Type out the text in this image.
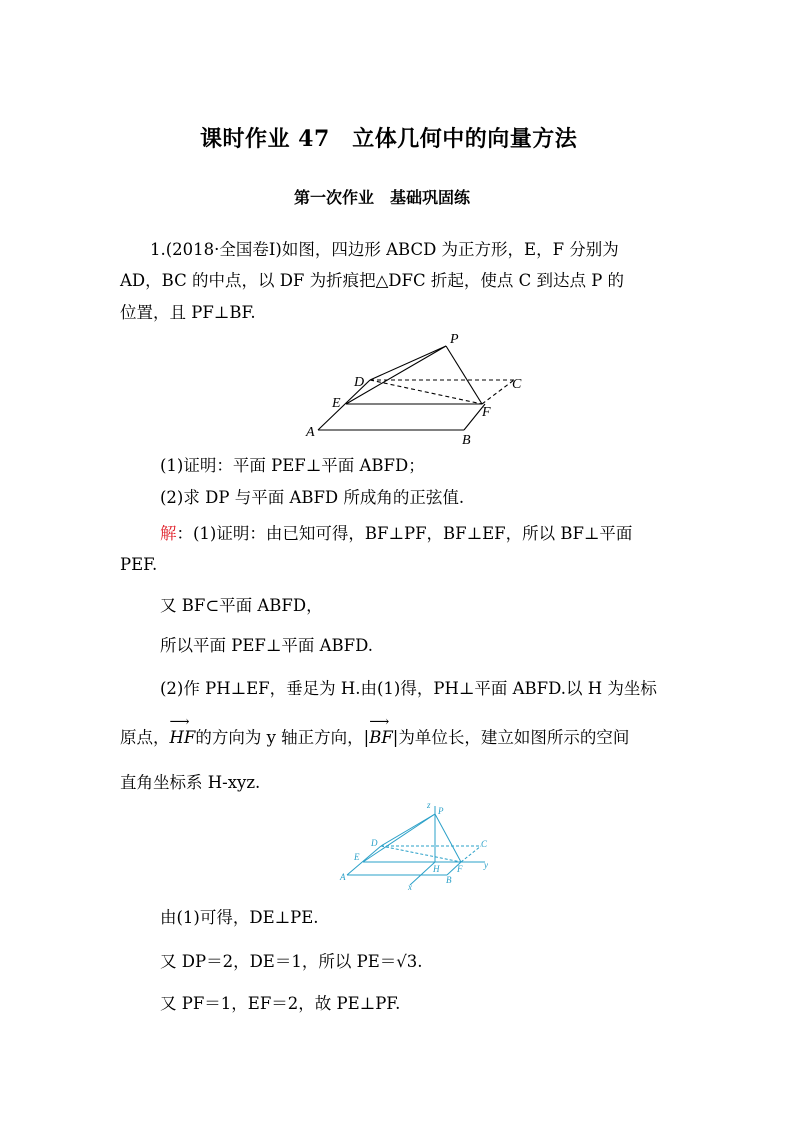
课时作业 47　立体几何中的向量方法
第一次作业　基础巩固练
1.(2018·全国卷Ⅰ)如图，四边形 ABCD 为正方形，E，F 分别为
AD，BC 的中点，以 DF 为折痕把△DFC 折起，使点 C 到达点 P 的
位置，且 PF⊥BF.
P
D	C
E
F
A
B
(1)证明：平面 PEF⊥平面 ABFD；
(2)求 DP 与平面 ABFD 所成角的正弦值.
解：(1)证明：由已知可得，BF⊥PF，BF⊥EF，所以 BF⊥平面
PEF.
又 BF⊂平面 ABFD，
所以平面 PEF⊥平面 ABFD.
(2)作 PH⊥EF，垂足为 H.由(1)得，PH⊥平面 ABFD.以 H 为坐标
原点，
⟶
HF的方向为 y 轴正方向，|
⟶
BF|为单位长，建立如图所示的空间
直角坐标系 H-xyz.
z
P
D	C
E
H F y
A	B
x
由(1)可得，DE⊥PE.
又 DP＝2，DE＝1，所以 PE＝√3.
又 PF＝1，EF＝2，故 PE⊥PF.
